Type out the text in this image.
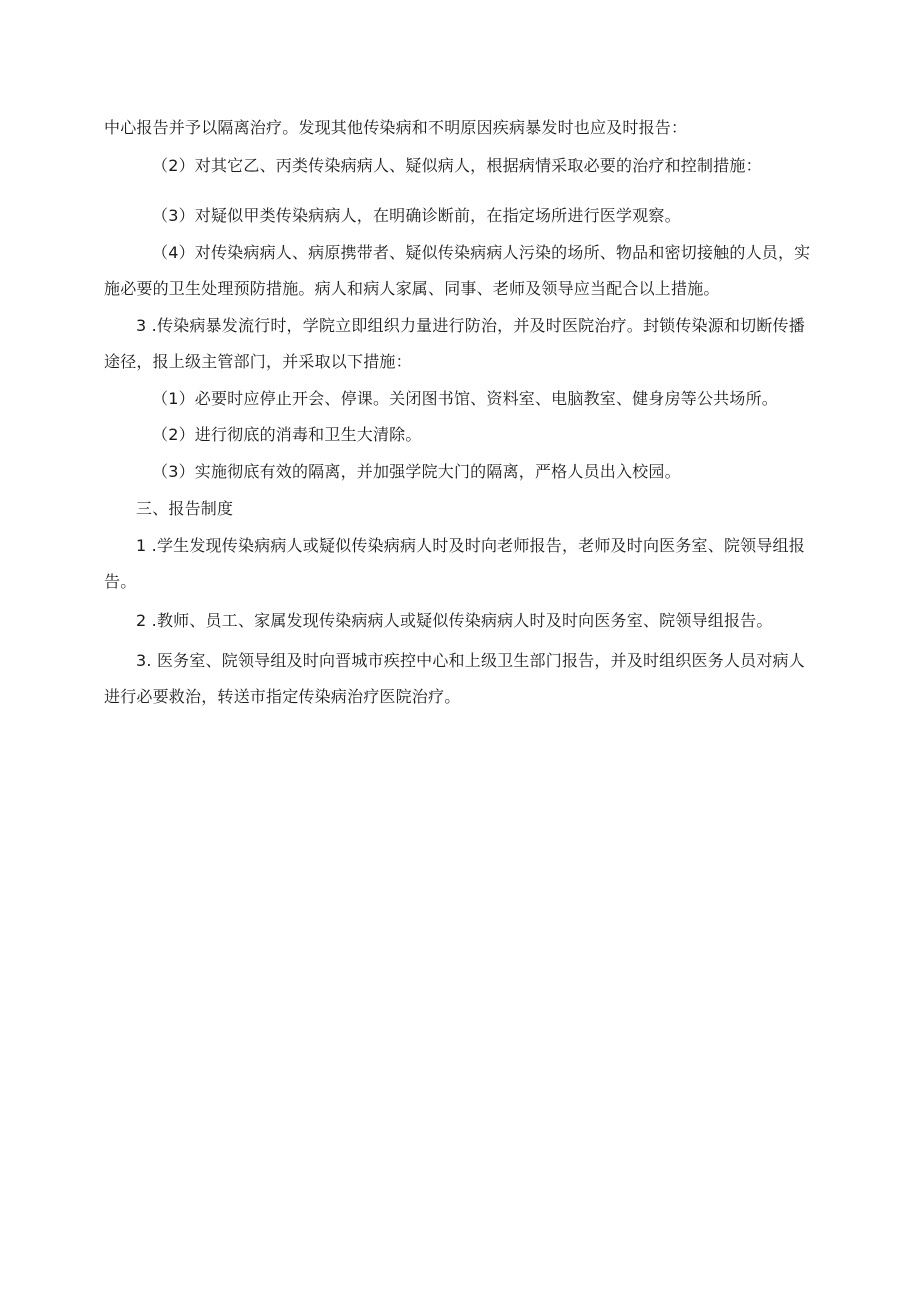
中心报告并予以隔离治疗。发现其他传染病和不明原因疾病暴发时也应及时报告：

（2）对其它乙、丙类传染病病人、疑似病人，根据病情采取必要的治疗和控制措施：

（3）对疑似甲类传染病病人，在明确诊断前，在指定场所进行医学观察。

（4）对传染病病人、病原携带者、疑似传染病病人污染的场所、物品和密切接触的人员，实施必要的卫生处理预防措施。病人和病人家属、同事、老师及领导应当配合以上措施。

3 .传染病暴发流行时，学院立即组织力量进行防治，并及时医院治疗。封锁传染源和切断传播途径，报上级主管部门，并采取以下措施：

（1）必要时应停止开会、停课。关闭图书馆、资料室、电脑教室、健身房等公共场所。

（2）进行彻底的消毒和卫生大清除。

（3）实施彻底有效的隔离，并加强学院大门的隔离，严格人员出入校园。

三、报告制度

1 .学生发现传染病病人或疑似传染病病人时及时向老师报告，老师及时向医务室、院领导组报告。

2 .教师、员工、家属发现传染病病人或疑似传染病病人时及时向医务室、院领导组报告。

3. 医务室、院领导组及时向晋城市疾控中心和上级卫生部门报告，并及时组织医务人员对病人进行必要救治，转送市指定传染病治疗医院治疗。
